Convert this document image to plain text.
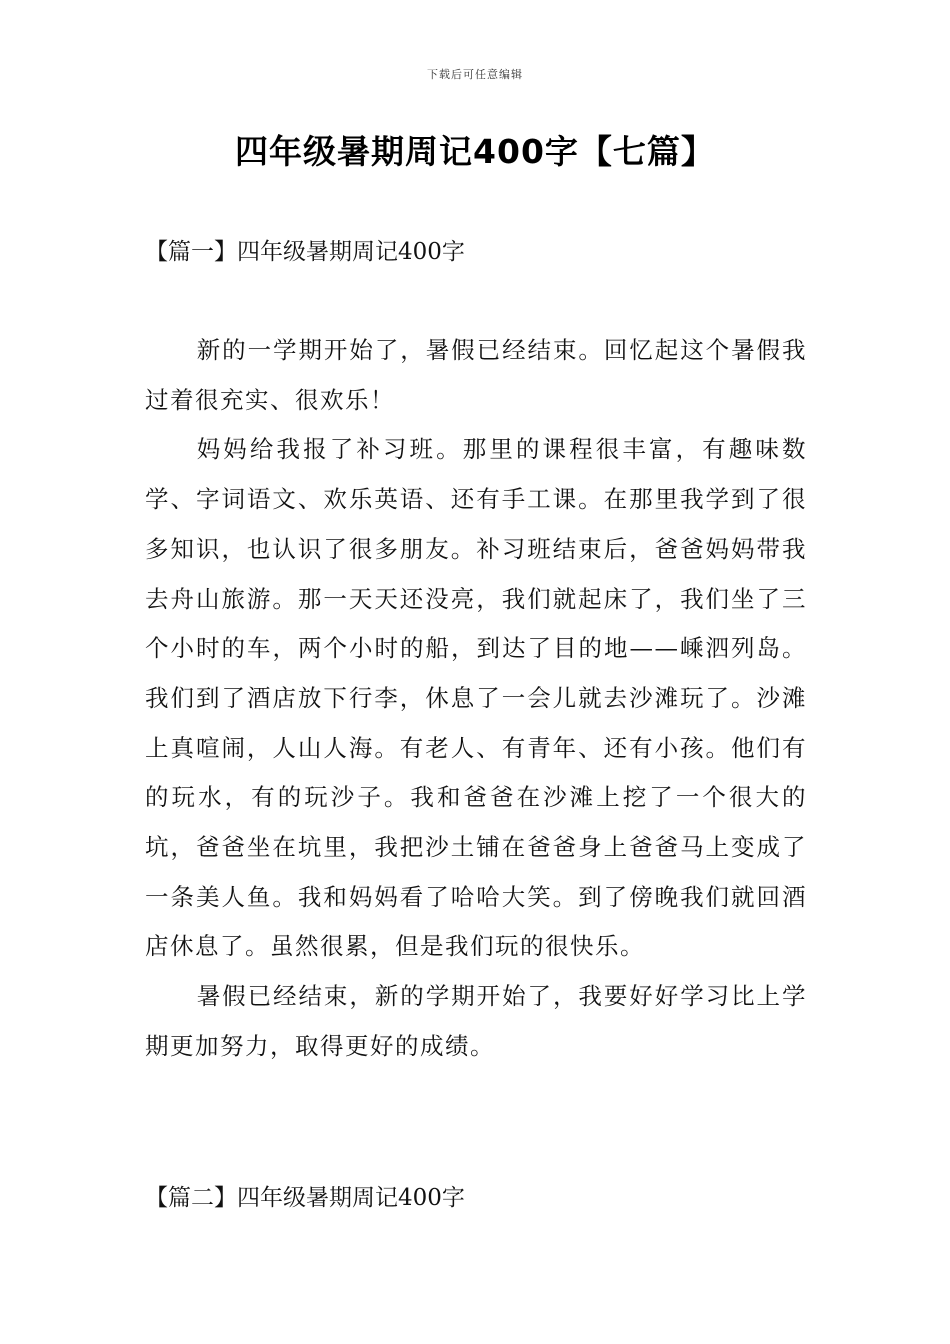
下载后可任意编辑
四年级暑期周记400字【七篇】
【篇一】四年级暑期周记400字

新的一学期开始了，暑假已经结束。回忆起这个暑假我过着很充实、很欢乐！

妈妈给我报了补习班。那里的课程很丰富，有趣味数学、字词语文、欢乐英语、还有手工课。在那里我学到了很多知识，也认识了很多朋友。补习班结束后，爸爸妈妈带我去舟山旅游。那一天天还没亮，我们就起床了，我们坐了三个小时的车，两个小时的船，到达了目的地——嵊泗列岛。我们到了酒店放下行李，休息了一会儿就去沙滩玩了。沙滩上真喧闹，人山人海。有老人、有青年、还有小孩。他们有的玩水，有的玩沙子。我和爸爸在沙滩上挖了一个很大的坑，爸爸坐在坑里，我把沙土铺在爸爸身上爸爸马上变成了一条美人鱼。我和妈妈看了哈哈大笑。到了傍晚我们就回酒店休息了。虽然很累，但是我们玩的很快乐。

暑假已经结束，新的学期开始了，我要好好学习比上学期更加努力，取得更好的成绩。

【篇二】四年级暑期周记400字
